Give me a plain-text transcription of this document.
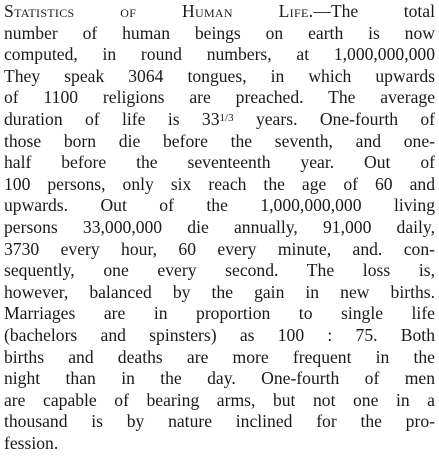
Statistics of Human Life.—The total
number of human beings on earth is now
computed, in round numbers, at 1,000,000,000
They speak 3064 tongues, in which upwards
of 1100 religions are preached. The average
duration of life is $33^{1/3}$ years. One-fourth of
those born die before the seventh, and one-
half before the seventeenth year. Out of
100 persons, only six reach the age of 60 and
upwards. Out of the 1,000,000,000 living
persons 33,000,000 die annually, 91,000 daily,
3730 every hour, 60 every minute, and. con-
sequently, one every second. The loss is,
however, balanced by the gain in new births.
Marriages are in proportion to single life
(bachelors and spinsters) as 100 : 75. Both
births and deaths are more frequent in the
night than in the day. One-fourth of men
are capable of bearing arms, but not one in a
thousand is by nature inclined for the pro-
fession.
